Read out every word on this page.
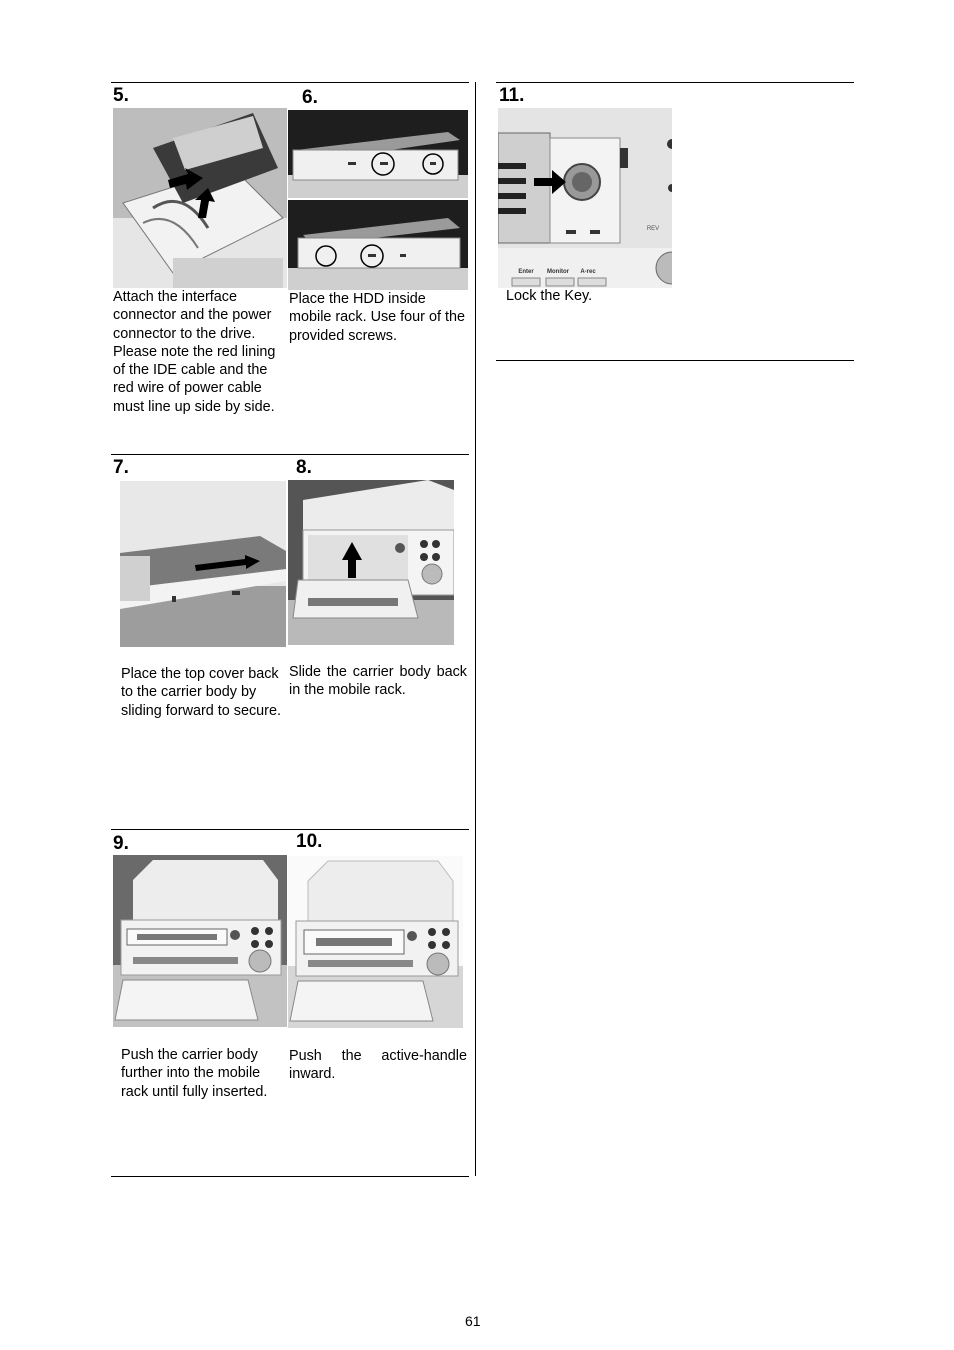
5.
Attach the interface connector and the power connector to the drive. Please note the red lining of the IDE cable and the red wire of power cable must line up side by side.
6.
Place the HDD inside mobile rack. Use four of the provided screws.
7.
Place the top cover back to the carrier body by sliding forward to secure.
8.
Slide the carrier body back in the mobile rack.
9.
Push the carrier body further into the mobile rack until fully inserted.
10.
Push the active-handle inward.
11.
Enter Monitor A-rec
REV
Lock the Key.
61
